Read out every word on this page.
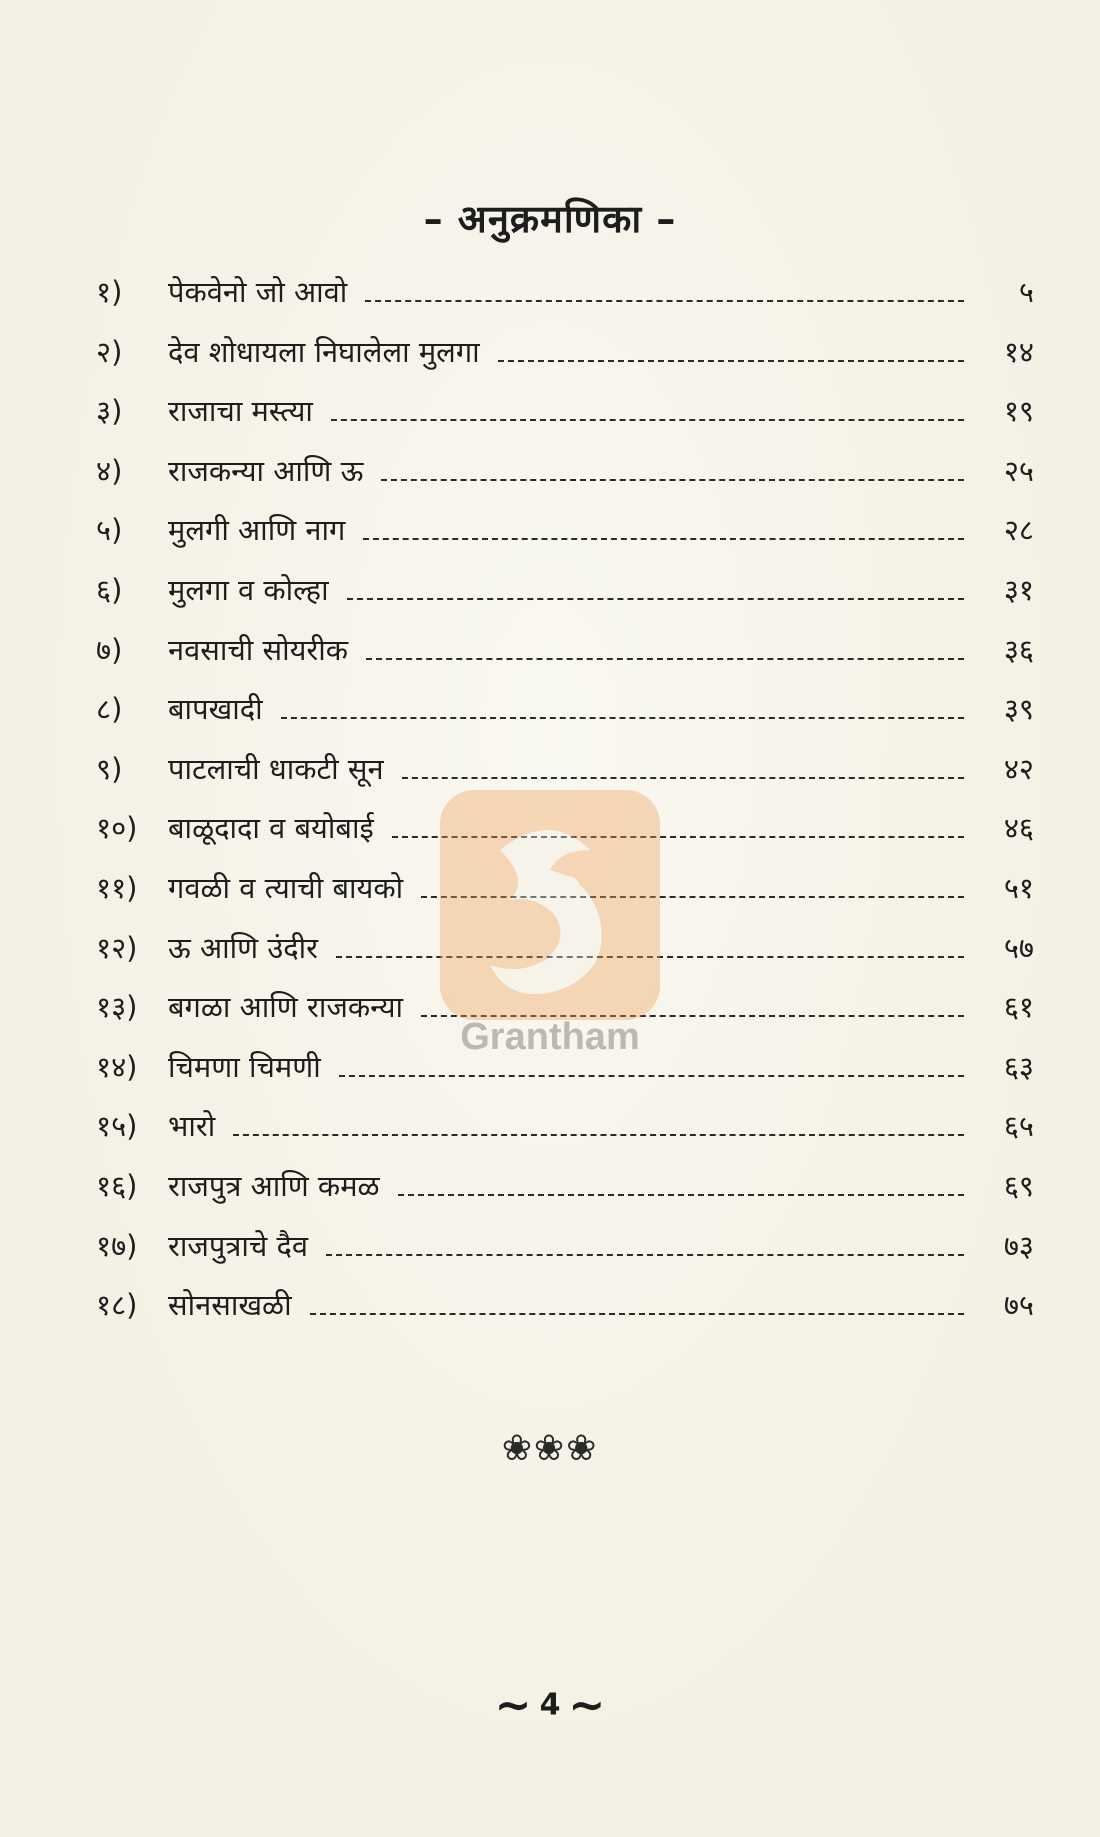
– अनुक्रमणिका –
१)	पेकवेनो जो आवो	५
२)	देव शोधायला निघालेला मुलगा	१४
३)	राजाचा मस्त्या	१९
४)	राजकन्या आणि ऊ	२५
५)	मुलगी आणि नाग	२८
६)	मुलगा व कोल्हा	३१
७)	नवसाची सोयरीक	३६
८)	बापखादी	३९
९)	पाटलाची धाकटी सून	४२
१०)	बाळूदादा व बयोबाई	४६
११)	गवळी व त्याची बायको	५१
१२)	ऊ आणि उंदीर	५७
१३)	बगळा आणि राजकन्या	६१
१४)	चिमणा चिमणी	६३
१५)	भारो	६५
१६)	राजपुत्र आणि कमळ	६९
१७)	राजपुत्राचे दैव	७३
१८)	सोनसाखळी	७५
Grantham
❀❀❀
∼ 4 ∼
